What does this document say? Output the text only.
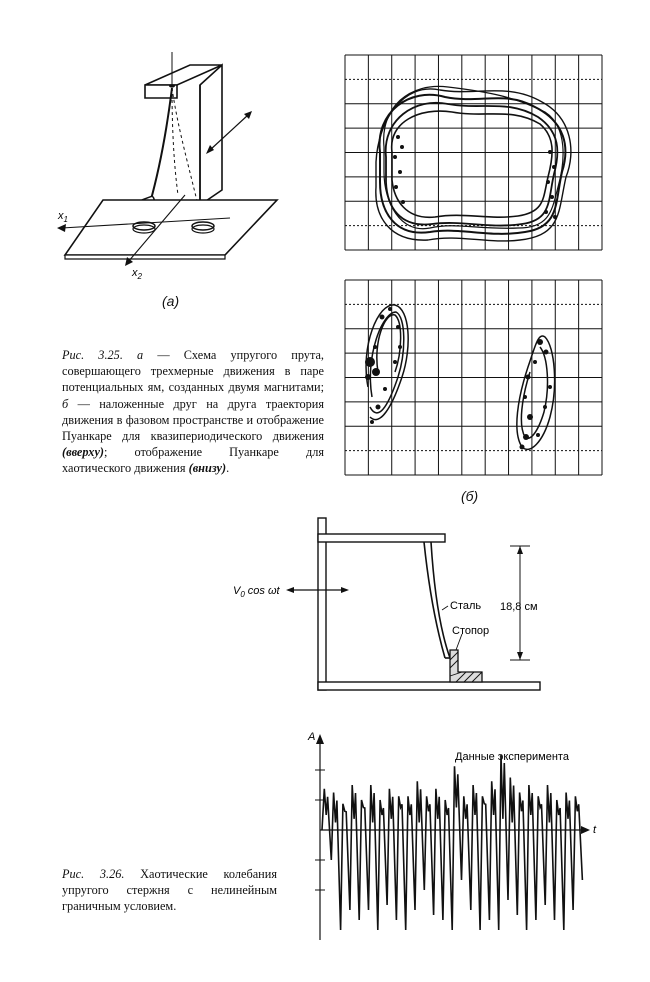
$x_1$
$x_2$
(а)
(б)
Рис. 3.25. а — Схема упругого прута, совершающего трехмерные движения в паре потенциальных ям, созданных двумя магнитами; б — наложенные друг на друга траектория движения в фазовом пространстве и отображение Пуанкаре для квазипериодического движения (вверху); отображение Пуанкаре для хаотического движения (внизу).
$V_0$ cos ωt
Сталь
Стопор
18,8 см
A
t
Данные эксперимента
Рис. 3.26. Хаотические колебания упругого стержня с нелинейным граничным условием.
